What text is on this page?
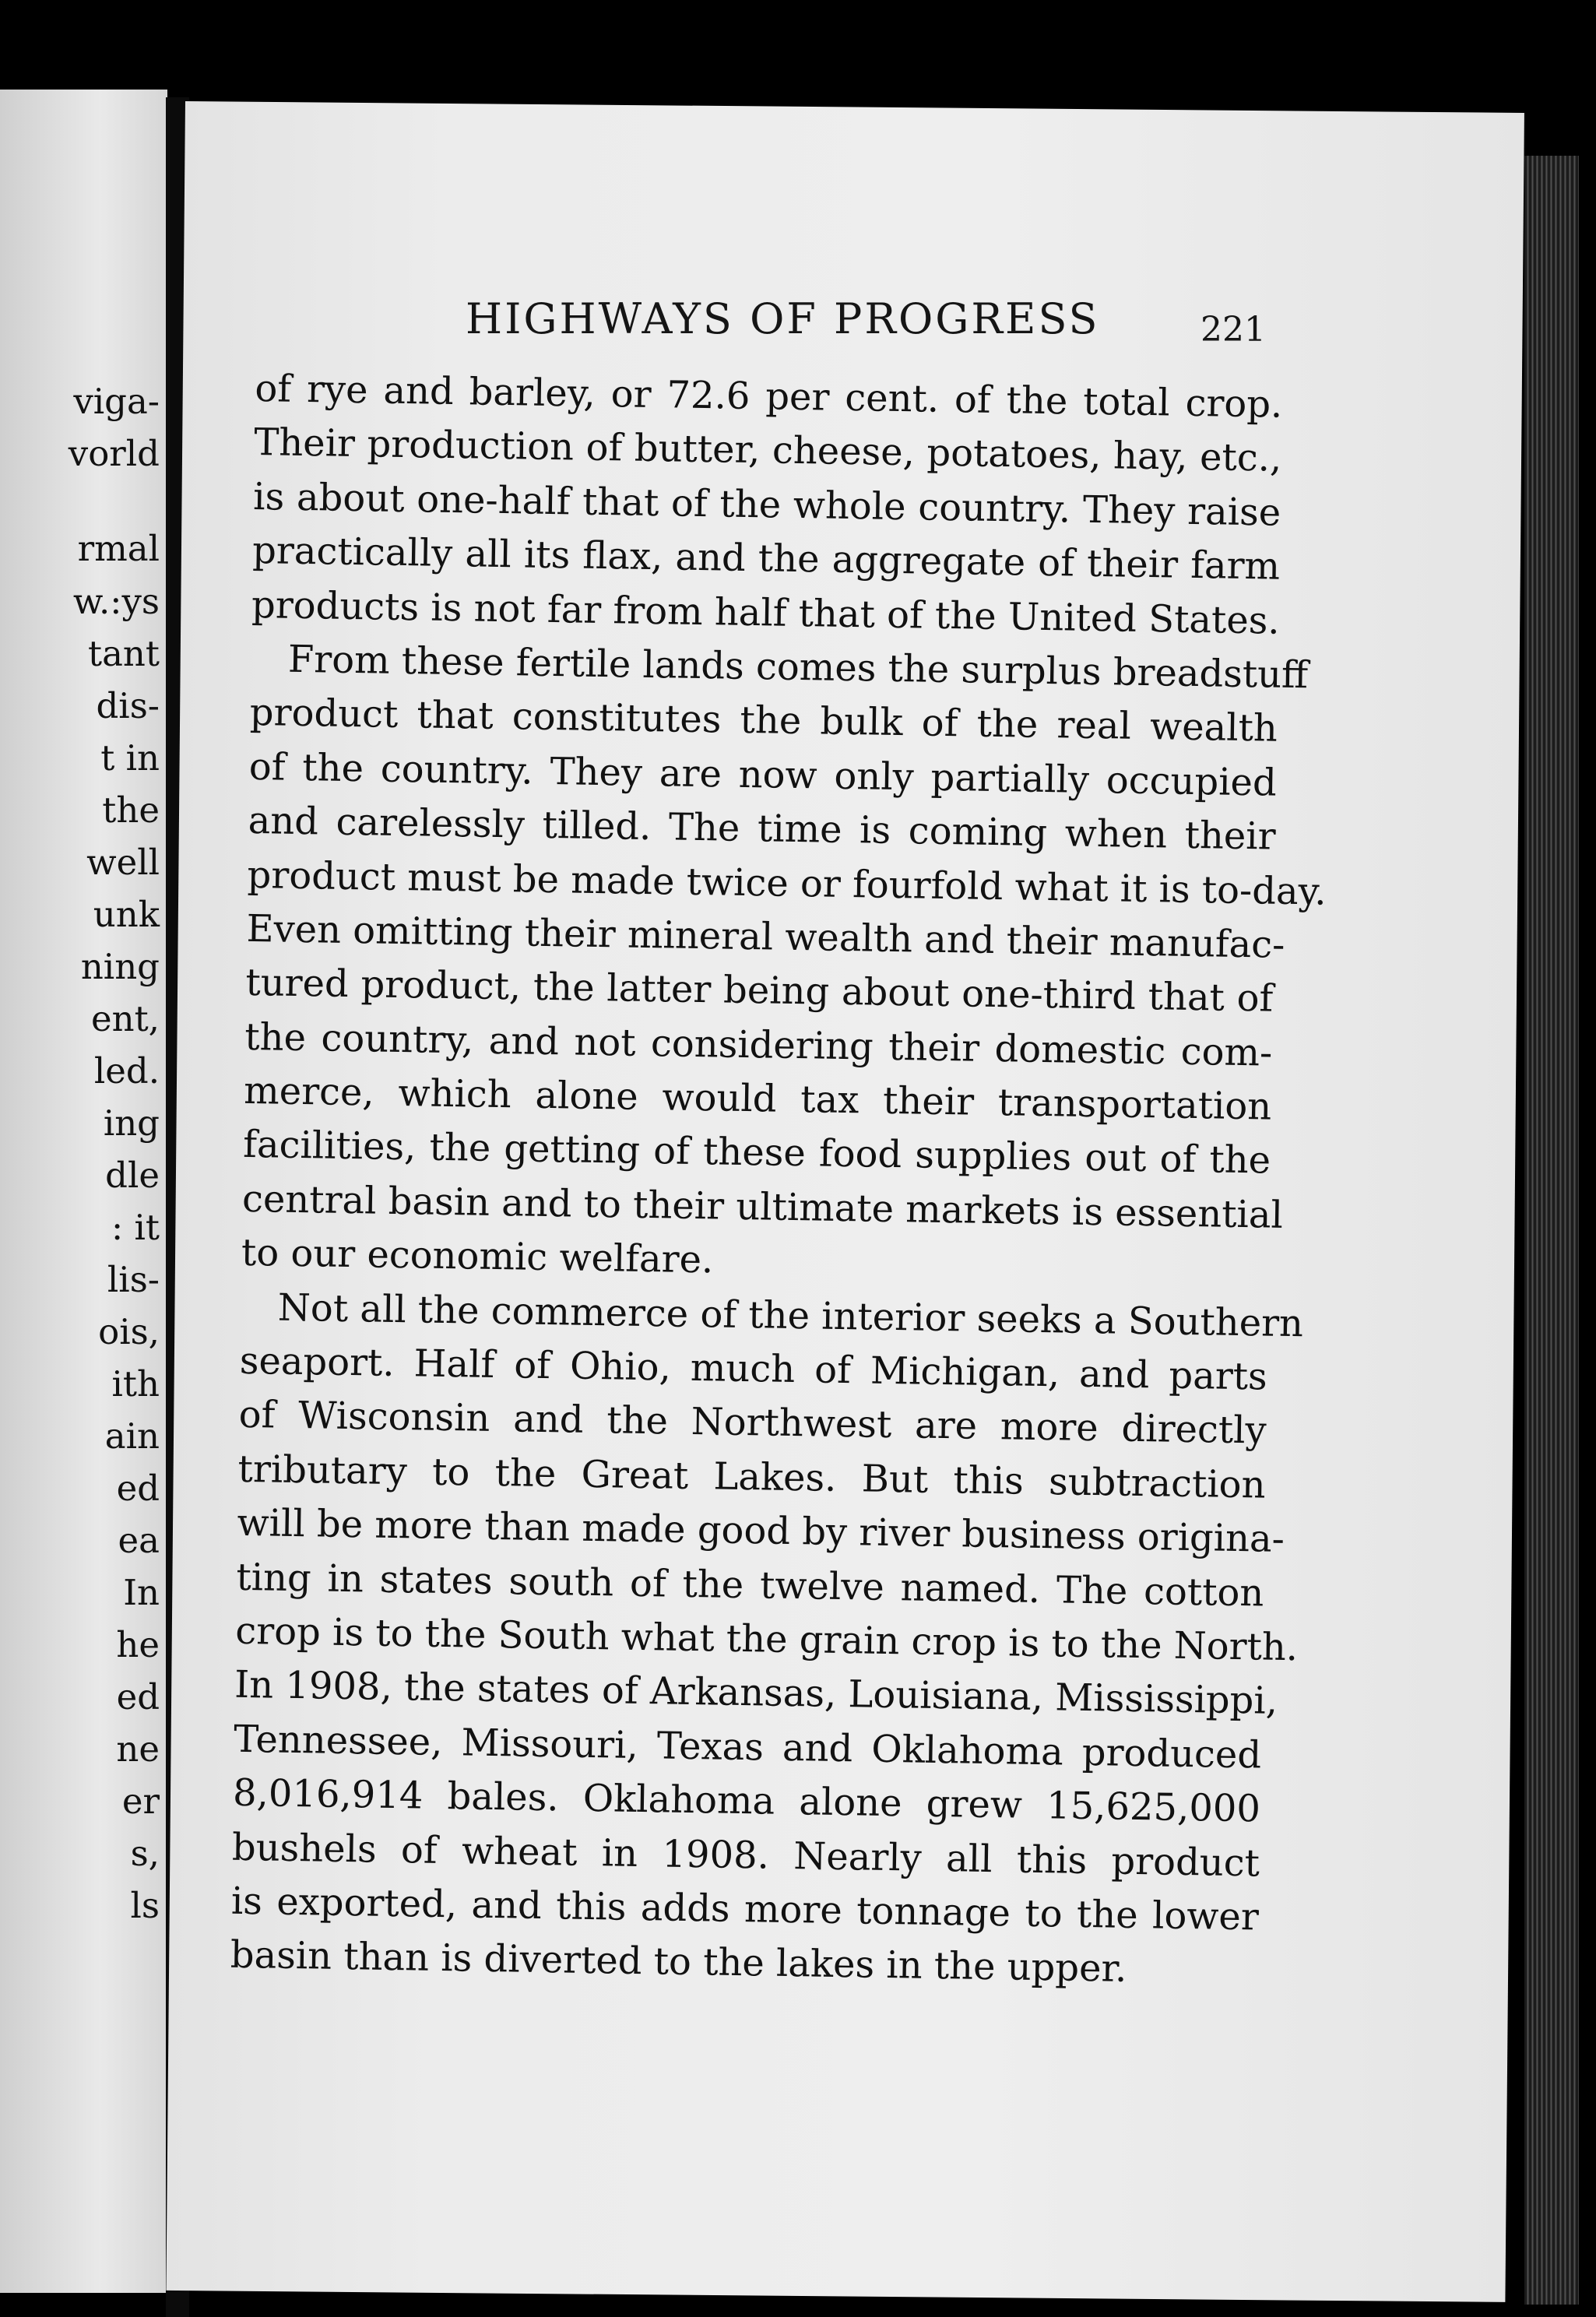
viga-
vorld
rmal
w.:ys
tant
dis-
t in
the
well
unk
ning
ent,
led.
ing
dle
: it
lis-
ois,
ith
ain
ed
ea
In
he
ed
ne
er
s,
ls
HIGHWAYS OF PROGRESS	221
of rye and barley, or 72.6 per cent. of the total crop.
Their production of butter, cheese, potatoes, hay, etc.,
is about one-half that of the whole country. They raise
practically all its flax, and the aggregate of their farm
products is not far from half that of the United States.
From these fertile lands comes the surplus breadstuff
product that constitutes the bulk of the real wealth
of the country. They are now only partially occupied
and carelessly tilled. The time is coming when their
product must be made twice or fourfold what it is to-day.
Even omitting their mineral wealth and their manufac-
tured product, the latter being about one-third that of
the country, and not considering their domestic com-
merce, which alone would tax their transportation
facilities, the getting of these food supplies out of the
central basin and to their ultimate markets is essential
to our economic welfare.
Not all the commerce of the interior seeks a Southern
seaport. Half of Ohio, much of Michigan, and parts
of Wisconsin and the Northwest are more directly
tributary to the Great Lakes. But this subtraction
will be more than made good by river business origina-
ting in states south of the twelve named. The cotton
crop is to the South what the grain crop is to the North.
In 1908, the states of Arkansas, Louisiana, Mississippi,
Tennessee, Missouri, Texas and Oklahoma produced
8,016,914 bales. Oklahoma alone grew 15,625,000
bushels of wheat in 1908. Nearly all this product
is exported, and this adds more tonnage to the lower
basin than is diverted to the lakes in the upper.
